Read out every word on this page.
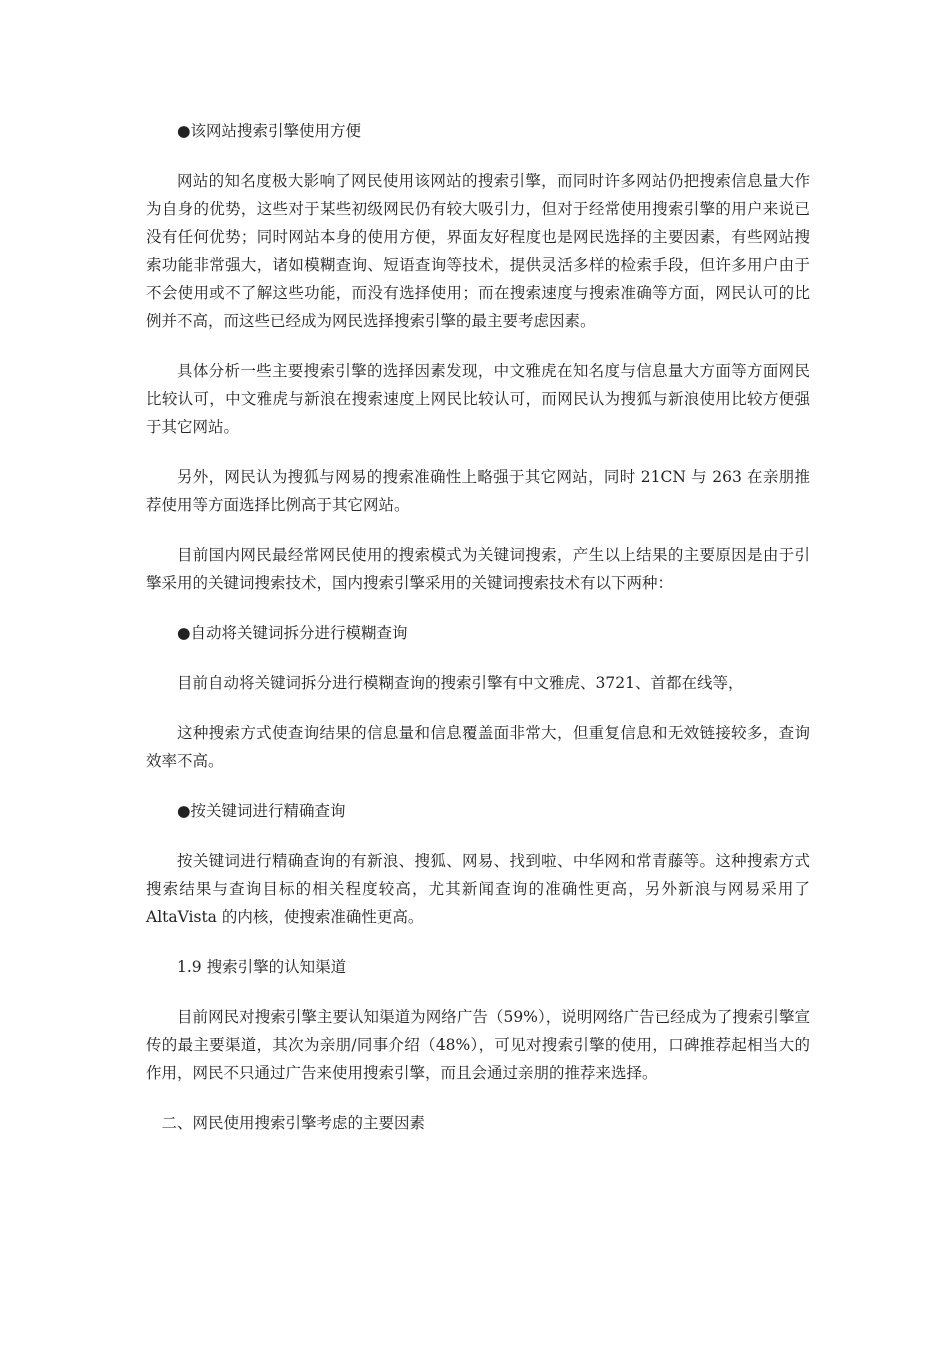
●该网站搜索引擎使用方便

网站的知名度极大影响了网民使用该网站的搜索引擎，而同时许多网站仍把搜索信息量大作为自身的优势，这些对于某些初级网民仍有较大吸引力，但对于经常使用搜索引擎的用户来说已没有任何优势；同时网站本身的使用方便，界面友好程度也是网民选择的主要因素，有些网站搜索功能非常强大，诸如模糊查询、短语查询等技术，提供灵活多样的检索手段，但许多用户由于不会使用或不了解这些功能，而没有选择使用；而在搜索速度与搜索准确等方面，网民认可的比例并不高，而这些已经成为网民选择搜索引擎的最主要考虑因素。

具体分析一些主要搜索引擎的选择因素发现，中文雅虎在知名度与信息量大方面等方面网民比较认可，中文雅虎与新浪在搜索速度上网民比较认可，而网民认为搜狐与新浪使用比较方便强于其它网站。

另外，网民认为搜狐与网易的搜索准确性上略强于其它网站，同时 21CN 与 263 在亲朋推荐使用等方面选择比例高于其它网站。

目前国内网民最经常网民使用的搜索模式为关键词搜索，产生以上结果的主要原因是由于引擎采用的关键词搜索技术，国内搜索引擎采用的关键词搜索技术有以下两种：

●自动将关键词拆分进行模糊查询

目前自动将关键词拆分进行模糊查询的搜索引擎有中文雅虎、3721、首都在线等，

这种搜索方式使查询结果的信息量和信息覆盖面非常大，但重复信息和无效链接较多，查询效率不高。

●按关键词进行精确查询

按关键词进行精确查询的有新浪、搜狐、网易、找到啦、中华网和常青藤等。这种搜索方式搜索结果与查询目标的相关程度较高，尤其新闻查询的准确性更高，另外新浪与网易采用了 AltaVista 的内核，使搜索准确性更高。

1.9 搜索引擎的认知渠道

目前网民对搜索引擎主要认知渠道为网络广告（59%），说明网络广告已经成为了搜索引擎宣传的最主要渠道，其次为亲朋/同事介绍（48%），可见对搜索引擎的使用，口碑推荐起相当大的作用，网民不只通过广告来使用搜索引擎，而且会通过亲朋的推荐来选择。

二、网民使用搜索引擎考虑的主要因素
